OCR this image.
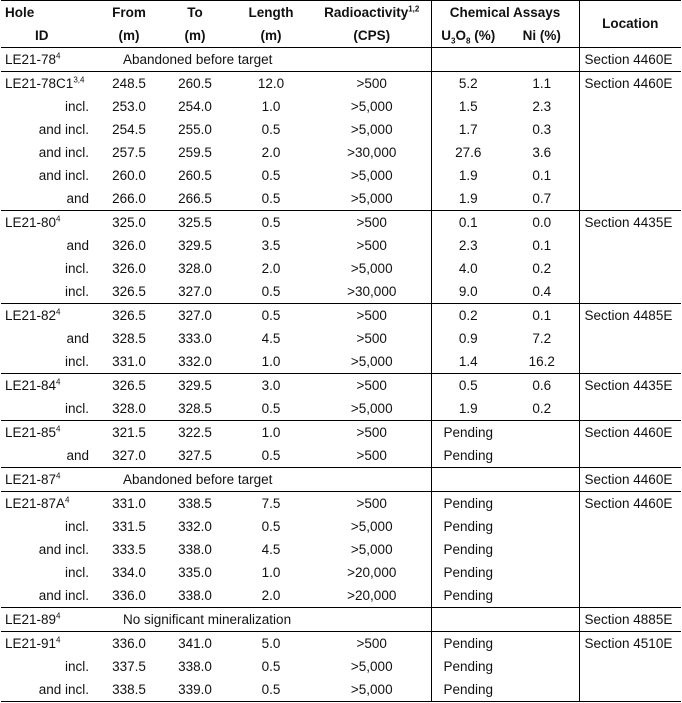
Hole	From	To	Length	Radioactivity$^{1,2}$	Chemical Assays		Location
ID	(m)	(m)	(m)	(CPS)	$U_3O_8$ (%)	Ni (%)	
$LE21-78^4$	Abandoned before target						Section 4460E
LE21-78C1$^{3,4}$	248.5	260.5	12.0	>500	5.2	1.1	Section 4460E
incl.	253.0	254.0	1.0	>5,000	1.5	2.3	
and incl.	254.5	255.0	0.5	>5,000	1.7	0.3	
and incl.	257.5	259.5	2.0	>30,000	27.6	3.6	
and incl.	260.0	260.5	0.5	>5,000	1.9	0.1	
and	266.0	266.5	0.5	>5,000	1.9	0.7	
$LE21-80^4$	325.0	325.5	0.5	>500	0.1	0.0	Section 4435E
and	326.0	329.5	3.5	>500	2.3	0.1	
incl.	326.0	328.0	2.0	>5,000	4.0	0.2	
incl.	326.5	327.0	0.5	>30,000	9.0	0.4	
$LE21-82^4$	326.5	327.0	0.5	>500	0.2	0.1	Section 4485E
and	328.5	333.0	4.5	>500	0.9	7.2	
incl.	331.0	332.0	1.0	>5,000	1.4	16.2	
$LE21-84^4$	326.5	329.5	3.0	>500	0.5	0.6	Section 4435E
incl.	328.0	328.5	0.5	>5,000	1.9	0.2	
$LE21-85^4$	321.5	322.5	1.0	>500	Pending		Section 4460E
and	327.0	327.5	0.5	>500	Pending		
$LE21-87^4$	Abandoned before target						Section 4460E
$LE21-87A^4$	331.0	338.5	7.5	>500	Pending		Section 4460E
incl.	331.5	332.0	0.5	>5,000	Pending		
and incl.	333.5	338.0	4.5	>5,000	Pending		
incl.	334.0	335.0	1.0	>20,000	Pending		
and incl.	336.0	338.0	2.0	>20,000	Pending		
$LE21-89^4$	No significant mineralization						Section 4885E
$LE21-91^4$	336.0	341.0	5.0	>500	Pending		Section 4510E
incl.	337.5	338.0	0.5	>5,000	Pending		
and incl.	338.5	339.0	0.5	>5,000	Pending		
